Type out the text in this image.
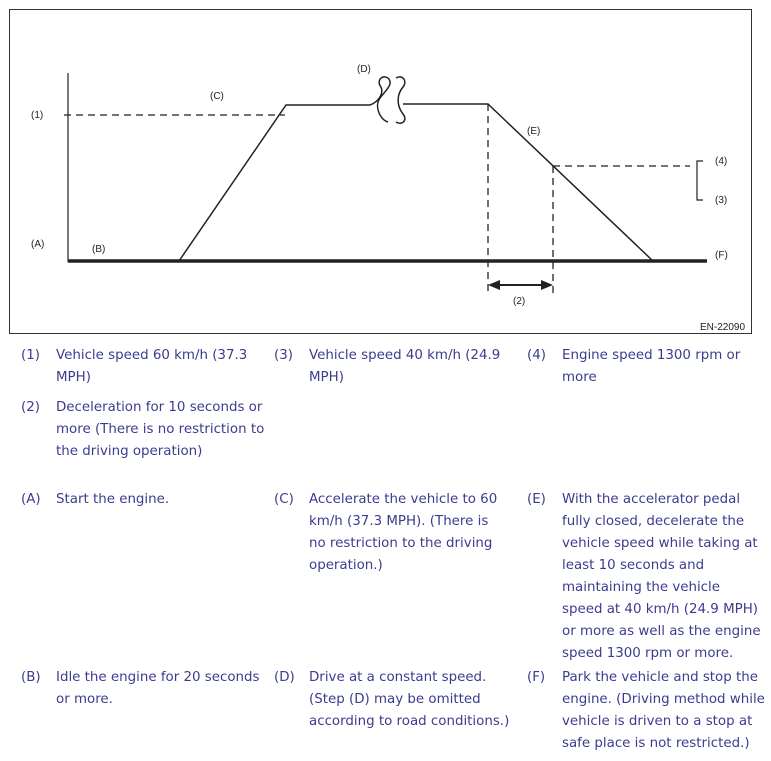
(1)
(C)
(D)
(E)
(4)
(3)
(A)	(B)
(F)
(2)
EN-22090
(1) Vehicle speed 60 km/h (37.3 MPH)
(3) Vehicle speed 40 km/h (24.9 MPH)
(4) Engine speed 1300 rpm or more
(2) Deceleration for 10 seconds or more (There is no restriction to the driving operation)
(A) Start the engine.	(C) Accelerate the vehicle to 60 km/h (37.3 MPH). (There is no restriction to the driving operation.)
(E) With the accelerator pedal fully closed, decelerate the vehicle speed while taking at least 10 seconds and maintaining the vehicle speed at 40 km/h (24.9 MPH) or more as well as the engine speed 1300 rpm or more.
(B) Idle the engine for 20 seconds or more.
(D) Drive at a constant speed. (Step (D) may be omitted according to road conditions.)
(F) Park the vehicle and stop the engine. (Driving method while vehicle is driven to a stop at safe place is not restricted.)
